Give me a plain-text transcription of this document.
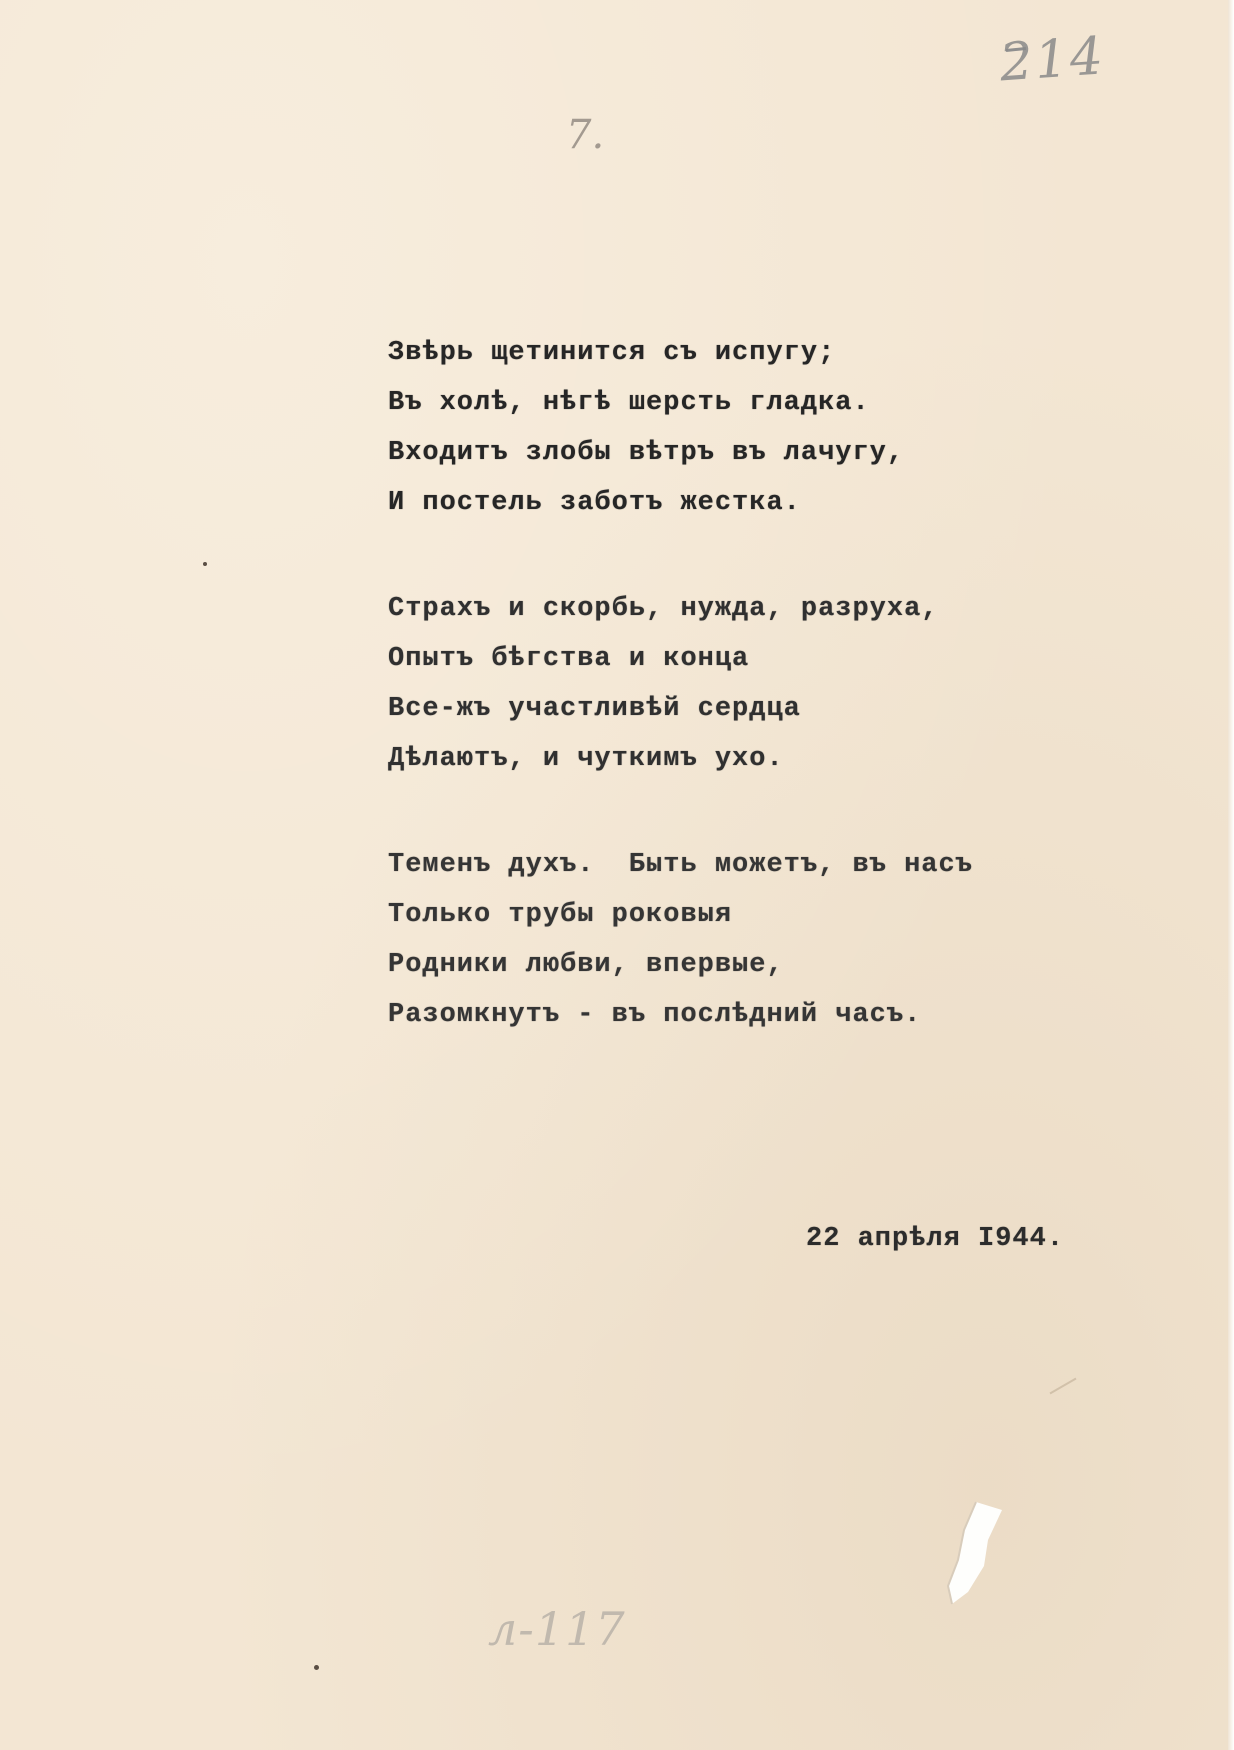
214
7.
Звѣрь щетинится съ испугу;
Въ холѣ, нѣгѣ шерсть гладка.
Входитъ злобы вѣтръ въ лачугу,
И постель заботъ жестка.
Страхъ и скорбь, нужда, разруха,
Опытъ бѣгства и конца
Все-жъ участливѣй сердца
Дѣлаютъ, и чуткимъ ухо.
Теменъ духъ.  Быть можетъ, въ насъ
Только трубы роковыя
Родники любви, впервые,
Разомкнутъ - въ послѣдний часъ.
22 апрѣля I944.
л-117
